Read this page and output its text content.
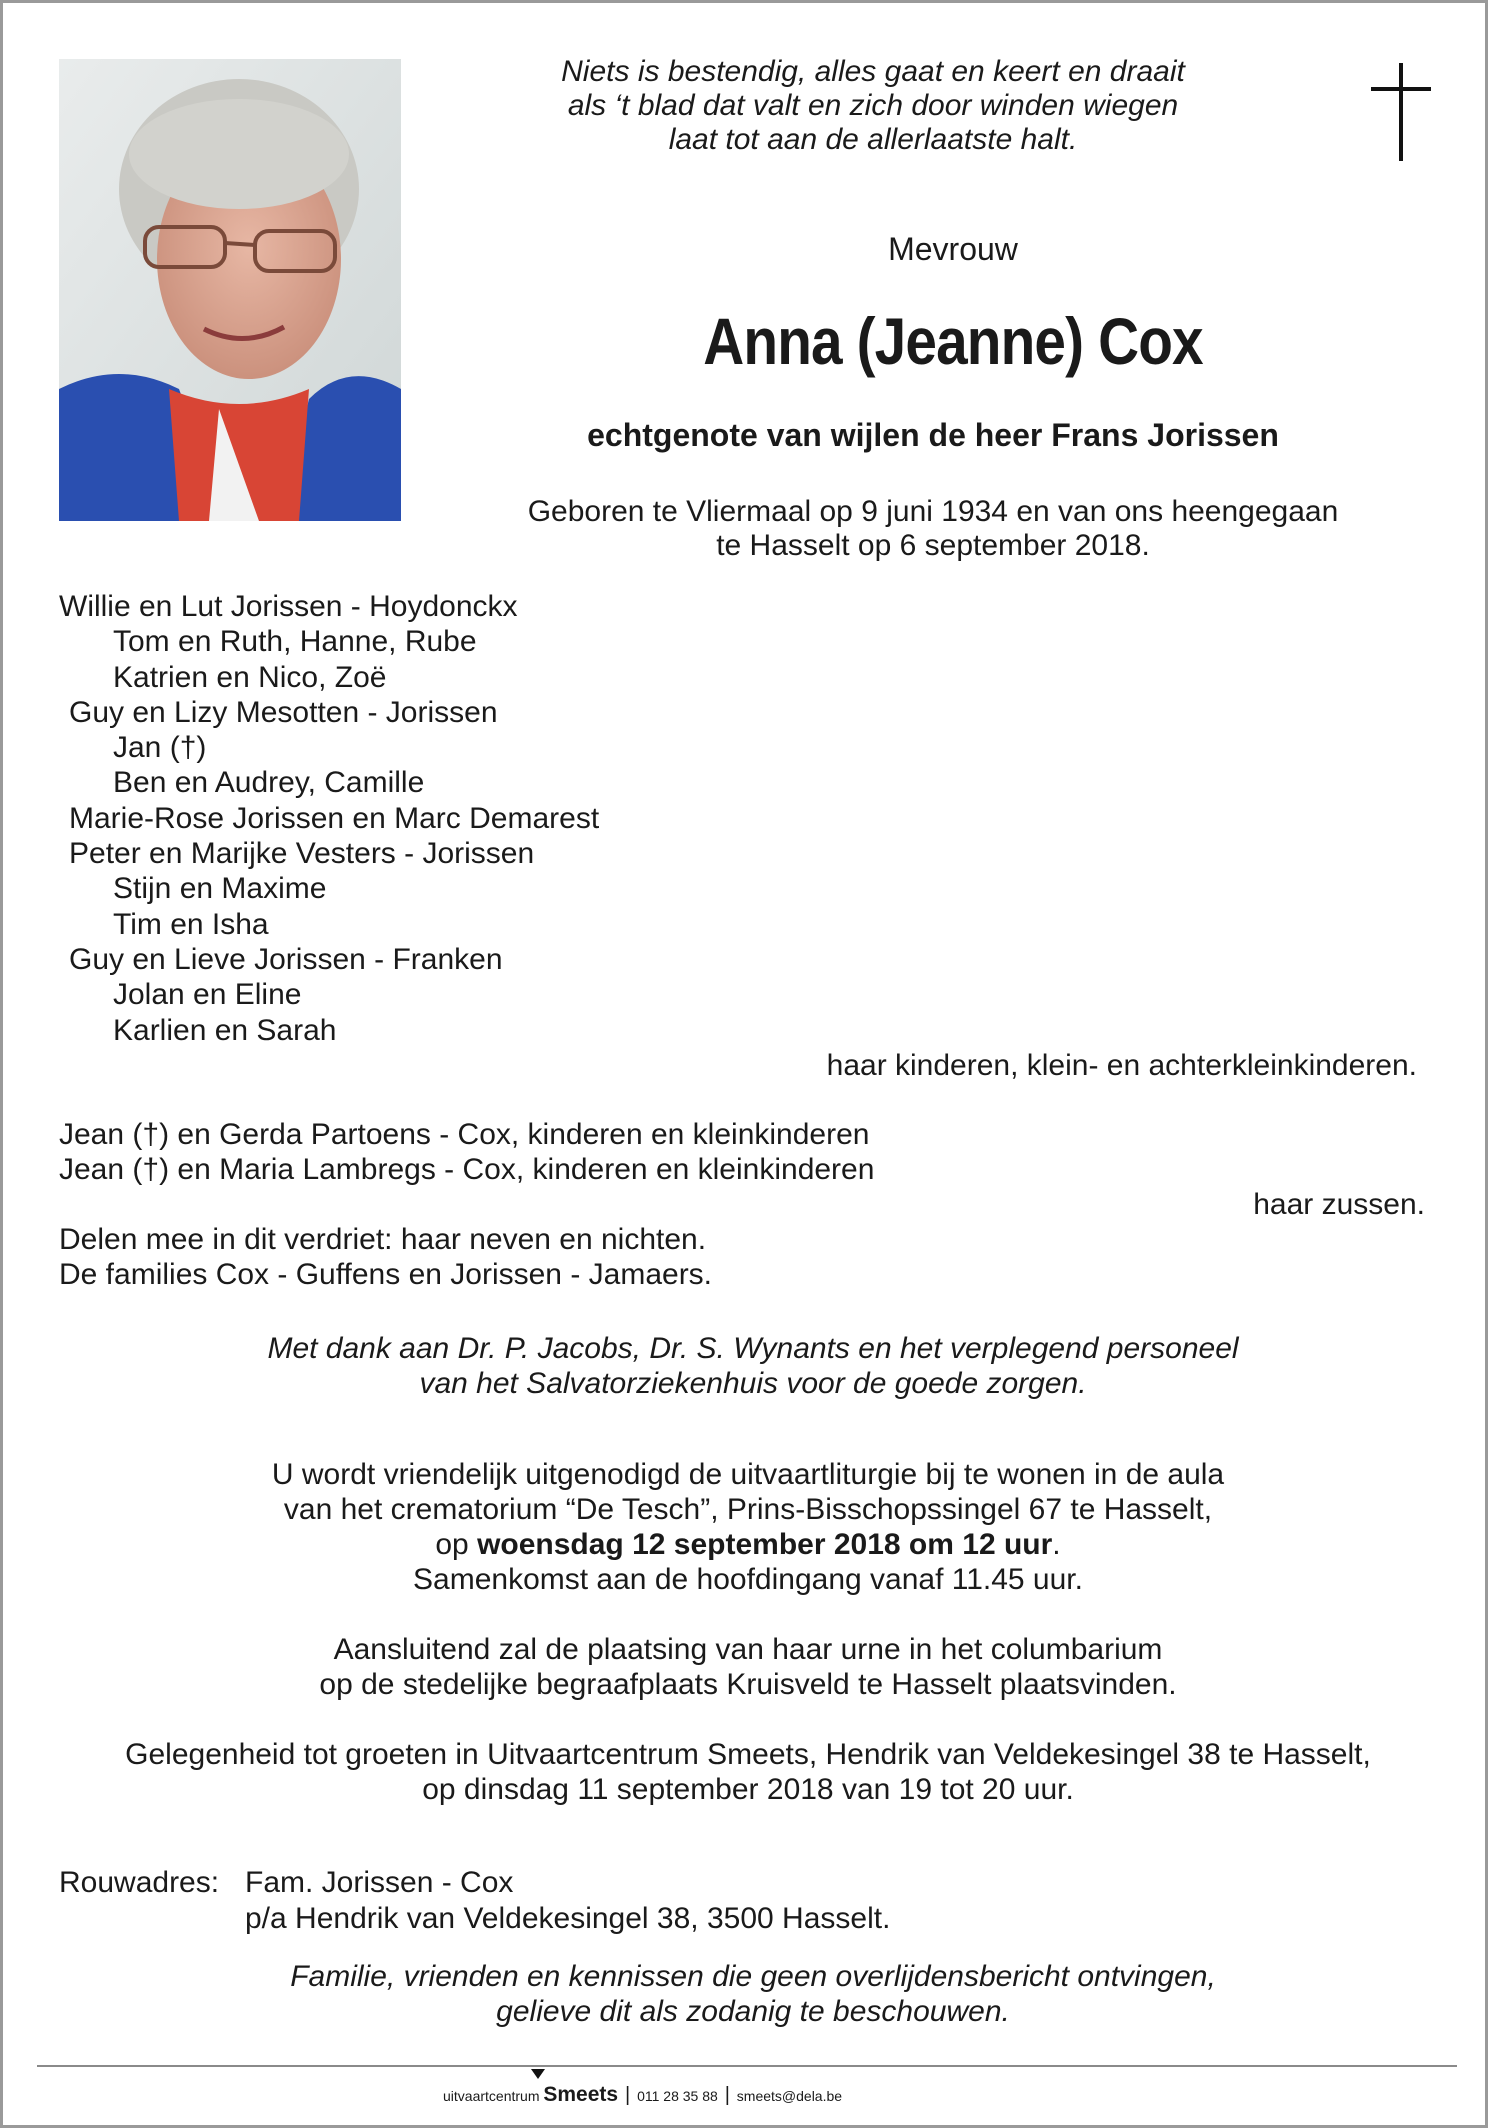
Niets is bestendig, alles gaat en keert en draait
als ‘t blad dat valt en zich door winden wiegen
laat tot aan de allerlaatste halt.
Mevrouw
Anna (Jeanne) Cox
echtgenote van wijlen de heer Frans Jorissen
Geboren te Vliermaal op 9 juni 1934 en van ons heengegaan
te Hasselt op 6 september 2018.
Willie en Lut Jorissen - Hoydonckx
Tom en Ruth, Hanne, Rube
Katrien en Nico, Zoë
Guy en Lizy Mesotten - Jorissen
Jan (†)
Ben en Audrey, Camille
Marie-Rose Jorissen en Marc Demarest
Peter en Marijke Vesters - Jorissen
Stijn en Maxime
Tim en Isha
Guy en Lieve Jorissen - Franken
Jolan en Eline
Karlien en Sarah
haar kinderen, klein- en achterkleinkinderen.
Jean (†) en Gerda Partoens - Cox, kinderen en kleinkinderen
Jean (†) en Maria Lambregs - Cox, kinderen en kleinkinderen
haar zussen.
Delen mee in dit verdriet: haar neven en nichten.
De families Cox - Guffens en Jorissen - Jamaers.
Met dank aan Dr. P. Jacobs, Dr. S. Wynants en het verplegend personeel
van het Salvatorziekenhuis voor de goede zorgen.
U wordt vriendelijk uitgenodigd de uitvaartliturgie bij te wonen in de aula
van het crematorium “De Tesch”, Prins-Bisschopssingel 67 te Hasselt,
op woensdag 12 september 2018 om 12 uur.
Samenkomst aan de hoofdingang vanaf 11.45 uur.
Aansluitend zal de plaatsing van haar urne in het columbarium
op de stedelijke begraafplaats Kruisveld te Hasselt plaatsvinden.
Gelegenheid tot groeten in Uitvaartcentrum Smeets, Hendrik van Veldekesingel 38 te Hasselt,
op dinsdag 11 september 2018 van 19 tot 20 uur.
Rouwadres: Fam. Jorissen - Cox
p/a Hendrik van Veldekesingel 38, 3500 Hasselt.
Familie, vrienden en kennissen die geen overlijdensbericht ontvingen,
gelieve dit als zodanig te beschouwen.
uitvaartcentrum Smeets | 011 28 35 88 | smeets@dela.be
